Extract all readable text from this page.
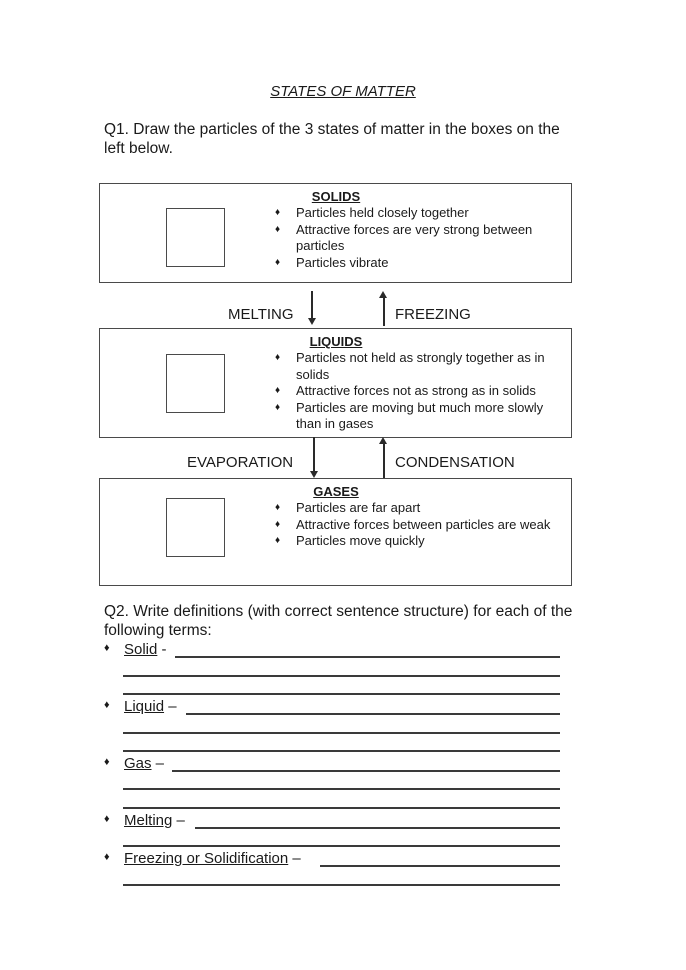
STATES OF MATTER
Q1. Draw the particles of the 3 states of matter in the boxes on the left below.
SOLIDS
♦ Particles held closely together
♦ Attractive forces are very strong between particles
♦ Particles vibrate
MELTING	FREEZING
LIQUIDS
♦ Particles not held as strongly together as in solids
♦ Attractive forces not as strong as in solids
♦ Particles are moving but much more slowly than in gases
EVAPORATION	CONDENSATION
GASES
♦ Particles are far apart
♦ Attractive forces between particles are weak
♦ Particles move quickly
Q2. Write definitions (with correct sentence structure) for each of the following terms:
♦ Solid -
♦ Liquid –
♦ Gas –
♦ Melting –
♦ Freezing or Solidification –
